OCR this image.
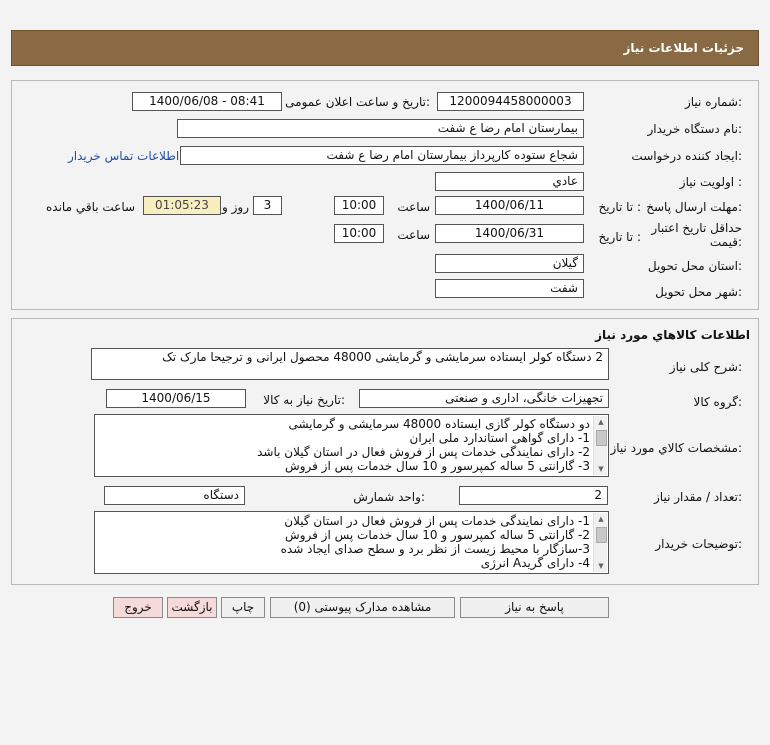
جزئیات اطلاعات نیاز
شماره نیاز:
1200094458000003
تاریخ و ساعت اعلان عمومی:
1400/06/08 - 08:41
نام دستگاه خریدار:
بیمارستان امام رضا ع شفت
ایجاد کننده درخواست:
شجاع ستوده کارپرداز بیمارستان امام رضا ع شفت
اطلاعات تماس خریدار
اولویت نیاز :
عادي
مهلت ارسال پاسخ:
تا تاریخ :
1400/06/11
ساعت
10:00
3
روز و
01:05:23
ساعت باقي مانده
حداقل تاریخ اعتبار
قیمت:
تا تاریخ :
1400/06/31
ساعت
10:00
استان محل تحویل:
گیلان
شهر محل تحویل:
شفت
اطلاعات كالاهاي مورد نياز
شرح کلی نیاز:
2 دستگاه کولر ایستاده سرمایشی و گرمایشی 48000 محصول ایرانی و ترجیحا مارک تک
گروه کالا:
تجهیزات خانگی، اداری و صنعتی
تاریخ نیاز به کالا:
1400/06/15
مشخصات کالاي مورد نياز:
دو دستگاه کولر گازی ایستاده 48000 سرمایشی و گرمایشی
1- دارای گواهی استاندارد ملی ایران
2- دارای نمایندگی خدمات پس از فروش فعال در استان گیلان باشد
3- گارانتی 5 ساله کمپرسور و 10 سال خدمات پس از فروش
▲
▼
تعداد / مقدار نیاز:
2
واحد شمارش:
دستگاه
توضیحات خریدار:
1- دارای نمایندگی خدمات پس از فروش فعال در استان گیلان
2- گارانتی 5 ساله کمپرسور و 10 سال خدمات پس از فروش
3-سازگار با محیط زیست از نظر برد و سطح صدای ایجاد شده
4- دارای گریدA انرژی
▲
▼
پاسخ به نیاز
مشاهده مدارک پیوستی (0)
چاپ
بازگشت
خروج
